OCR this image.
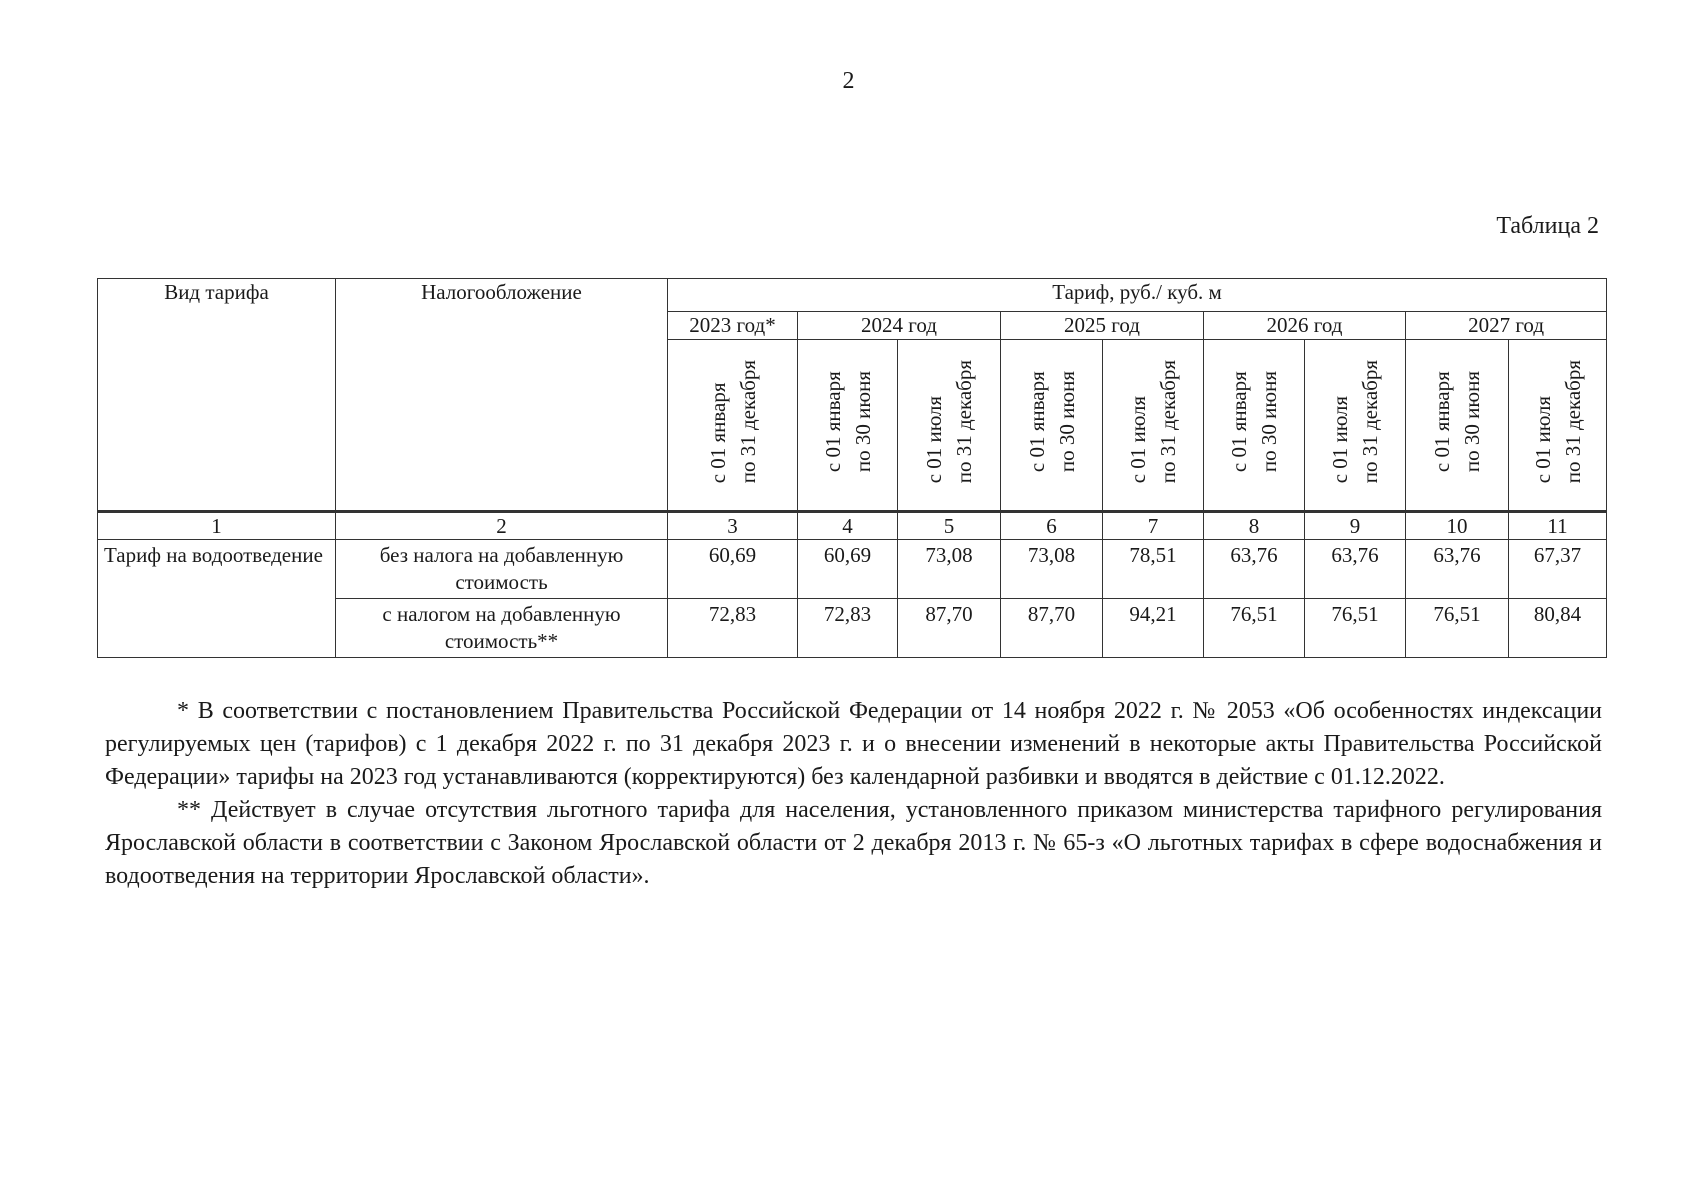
2
Таблица 2
Вид тарифа	Налогообложение	Тариф, руб./ куб. м								
		2023 год*	2024 год		2025 год		2026 год		2027 год	

		с 01 января по 31 декабря	с 01 января по 30 июня	с 01 июля по 31 декабря	с 01 января по 30 июня	с 01 июля по 31 декабря	с 01 января по 30 июня	с 01 июля по 31 декабря	с 01 января по 30 июня	с 01 июля по 31 декабря

1	2	3	4	5	6	7	8	9	10	11
Тариф на водоотведение	без налога на добавленную стоимость	60,69	60,69	73,08	73,08	78,51	63,76	63,76	63,76	67,37
	с налогом на добавленную стоимость**	72,83	72,83	87,70	87,70	94,21	76,51	76,51	76,51	80,84

* В соответствии с постановлением Правительства Российской Федерации от 14 ноября 2022 г. № 2053 «Об особенностях индексации регулируемых цен (тарифов) с 1 декабря 2022 г. по 31 декабря 2023 г. и о внесении изменений в некоторые акты Правительства Российской Федерации» тарифы на 2023 год устанавливаются (корректируются) без календарной разбивки и вводятся в действие с 01.12.2022.

** Действует в случае отсутствия льготного тарифа для населения, установленного приказом министерства тарифного регулирования Ярославской области в соответствии с Законом Ярославской области от 2 декабря 2013 г. № 65-з «О льготных тарифах в сфере водоснабжения и водоотведения на территории Ярославской области».
